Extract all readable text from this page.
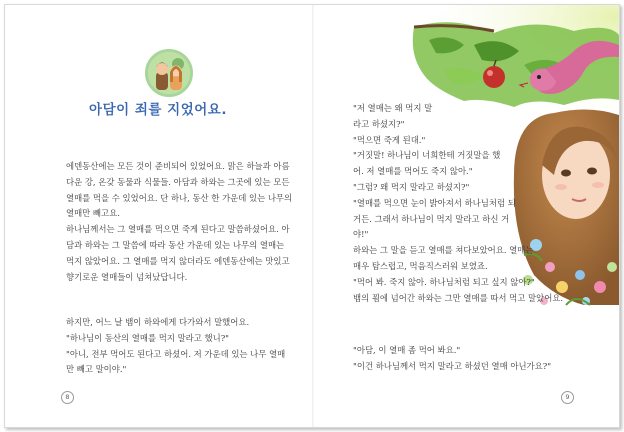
아담이 죄를 지었어요.

에덴동산에는 모든 것이 준비되어 있었어요. 맑은 하늘과 아름
다운 강, 온갖 동물과 식물들. 아담과 하와는 그곳에 있는 모든
열매를 먹을 수 있었어요. 단 하나, 동산 한 가운데 있는 나무의
열매만 빼고요.
하나님께서는 그 열매를 먹으면 죽게 된다고 말씀하셨어요. 아
담과 하와는 그 말씀에 따라 동산 가운데 있는 나무의 열매는
먹지 않았어요. 그 열매를 먹지 않더라도 에덴동산에는 맛있고
향기로운 열매들이 넘쳐났답니다.

하지만, 어느 날 뱀이 하와에게 다가와서 말했어요.
"하나님이 동산의 열매를 먹지 말라고 했니?"
"아니, 전부 먹어도 된다고 하셨어. 저 가운데 있는 나무 열매
만 빼고 말이야."

8

"저 열매는 왜 먹지 말
라고 하셨지?"
"먹으면 죽게 된대."
"거짓말! 하나님이 너희한테 거짓말을 했
어. 저 열매를 먹어도 죽지 않아."
"그럼? 왜 먹지 말라고 하셨지?"
"열매를 먹으면 눈이 밝아져서 하나님처럼 되
거든. 그래서 하나님이 먹지 말라고 하신 거
야!"
하와는 그 말을 듣고 열매를 쳐다보았어요. 열매는
매우 탐스럽고, 먹음직스러워 보였죠.
"먹어 봐. 죽지 않아. 하나님처럼 되고 싶지 않아?"
뱀의 꾐에 넘어간 하와는 그만 열매를 따서 먹고 말았어요.

"아담, 이 열매 좀 먹어 봐요."
"이건 하나님께서 먹지 말라고 하셨던 열매 아닌가요?"

9
